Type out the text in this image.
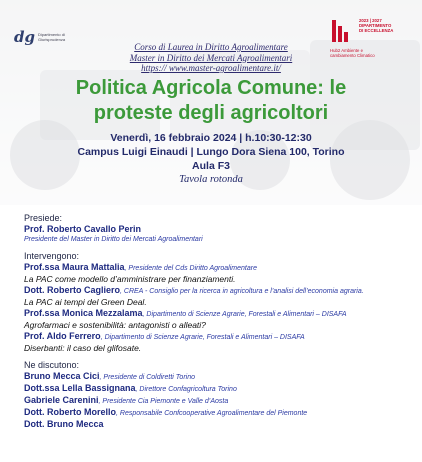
dg Dipartimento di Giurisprudenza
2023 | 2027
DIPARTIMENTO
DI ECCELLENZA
Hub2 Ambiente e
cambiamento Climatico
Corso di Laurea in Diritto Agroalimentare
Master in Diritto dei Mercati Agroalimentari
https:// www.master-agroalimentare.it/
Politica Agricola Comune: le
proteste degli agricoltori
Venerdì, 16 febbraio 2024 | h.10:30-12:30
Campus Luigi Einaudi | Lungo Dora Siena 100, Torino
Aula F3
Tavola rotonda
Presiede:
Prof. Roberto Cavallo Perin
Presidente del Master in Diritto dei Mercati Agroalimentari
Intervengono:
Prof.ssa Maura Mattalia, Presidente del Cds Diritto Agroalimentare
La PAC come modello d’amministrare per finanziamenti.
Dott. Roberto Cagliero, CREA - Consiglio per la ricerca in agricoltura e l’analisi dell’economia agraria.
La PAC ai tempi del Green Deal.
Prof.ssa Monica Mezzalama, Dipartimento di Scienze Agrarie, Forestali e Alimentari – DISAFA
Agrofarmaci e sostenibilità: antagonisti o alleati?
Prof. Aldo Ferrero, Dipartimento di Scienze Agrarie, Forestali e Alimentari – DISAFA
Diserbanti: il caso del glifosate.
Ne discutono:
Bruno Mecca Cici, Presidente di Coldiretti Torino
Dott.ssa Lella Bassignana, Direttore Confagricoltura Torino
Gabriele Carenini, Presidente Cia Piemonte e Valle d’Aosta
Dott. Roberto Morello, Responsabile Confcooperative Agroalimentare del Piemonte
Dott. Bruno Mecca
